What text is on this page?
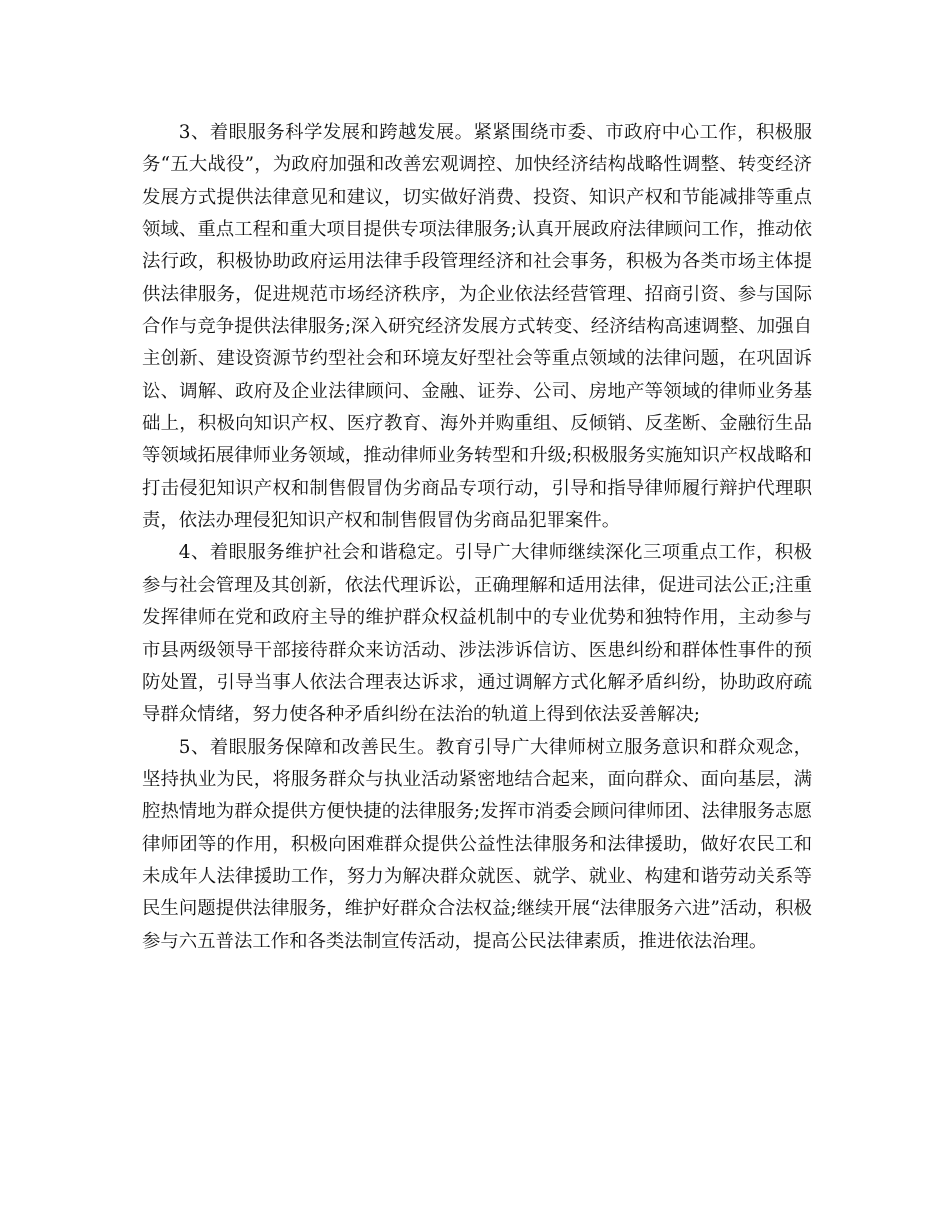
3、着眼服务科学发展和跨越发展。紧紧围绕市委、市政府中心工作，积极服务“五大战役”，为政府加强和改善宏观调控、加快经济结构战略性调整、转变经济发展方式提供法律意见和建议，切实做好消费、投资、知识产权和节能减排等重点领域、重点工程和重大项目提供专项法律服务;认真开展政府法律顾问工作，推动依法行政，积极协助政府运用法律手段管理经济和社会事务，积极为各类市场主体提供法律服务，促进规范市场经济秩序，为企业依法经营管理、招商引资、参与国际合作与竞争提供法律服务;深入研究经济发展方式转变、经济结构高速调整、加强自主创新、建设资源节约型社会和环境友好型社会等重点领域的法律问题，在巩固诉讼、调解、政府及企业法律顾问、金融、证券、公司、房地产等领域的律师业务基础上，积极向知识产权、医疗教育、海外并购重组、反倾销、反垄断、金融衍生品等领域拓展律师业务领域，推动律师业务转型和升级;积极服务实施知识产权战略和打击侵犯知识产权和制售假冒伪劣商品专项行动，引导和指导律师履行辩护代理职责，依法办理侵犯知识产权和制售假冒伪劣商品犯罪案件。

4、着眼服务维护社会和谐稳定。引导广大律师继续深化三项重点工作，积极参与社会管理及其创新，依法代理诉讼，正确理解和适用法律，促进司法公正;注重发挥律师在党和政府主导的维护群众权益机制中的专业优势和独特作用，主动参与市县两级领导干部接待群众来访活动、涉法涉诉信访、医患纠纷和群体性事件的预防处置，引导当事人依法合理表达诉求，通过调解方式化解矛盾纠纷，协助政府疏导群众情绪，努力使各种矛盾纠纷在法治的轨道上得到依法妥善解决;

5、着眼服务保障和改善民生。教育引导广大律师树立服务意识和群众观念，坚持执业为民，将服务群众与执业活动紧密地结合起来，面向群众、面向基层，满腔热情地为群众提供方便快捷的法律服务;发挥市消委会顾问律师团、法律服务志愿律师团等的作用，积极向困难群众提供公益性法律服务和法律援助，做好农民工和未成年人法律援助工作，努力为解决群众就医、就学、就业、构建和谐劳动关系等民生问题提供法律服务，维护好群众合法权益;继续开展“法律服务六进”活动，积极参与六五普法工作和各类法制宣传活动，提高公民法律素质，推进依法治理。
